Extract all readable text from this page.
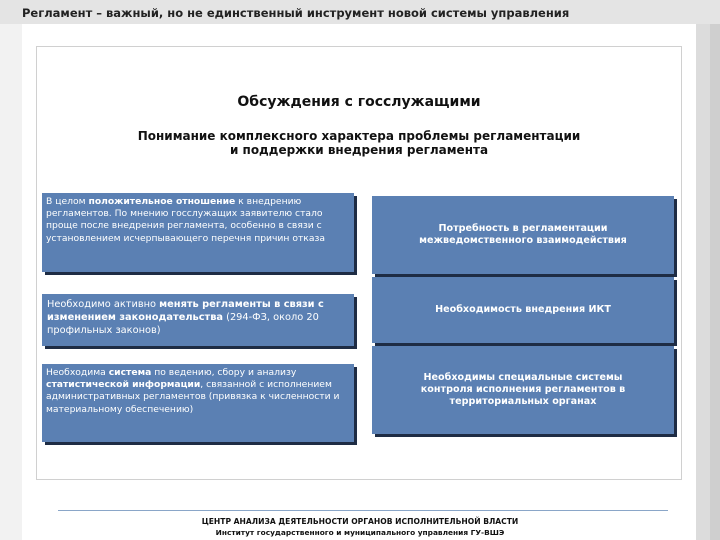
Регламент – важный, но не единственный инструмент новой системы управления
Обсуждения с госслужащими
Понимание комплексного характера проблемы регламентации
и поддержки внедрения регламента
В целом положительное отношение к внедрению регламентов. По мнению госслужащих заявителю стало проще после внедрения регламента, особенно в связи с установлением исчерпывающего перечня причин отказа
Необходимо активно менять регламенты в связи с изменением законодательства (294-ФЗ, около 20 профильных законов)
Необходима система по ведению, сбору и анализу статистической информации, связанной с исполнением административных регламентов (привязка к численности и материальному обеспечению)
Потребность в регламентации
межведомственного взаимодействия
Необходимость внедрения ИКТ
Необходимы специальные системы
контроля исполнения регламентов в
территориальных органах
ЦЕНТР АНАЛИЗА ДЕЯТЕЛЬНОСТИ ОРГАНОВ ИСПОЛНИТЕЛЬНОЙ ВЛАСТИ
Институт государственного и муниципального управления ГУ-ВШЭ
